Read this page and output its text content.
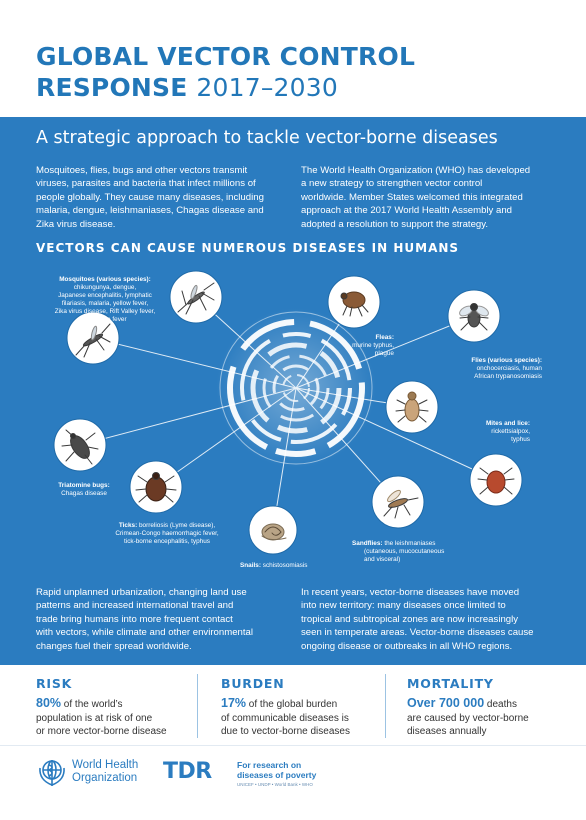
GLOBAL VECTOR CONTROL
RESPONSE 2017–2030
A strategic approach to tackle vector-borne diseases

Mosquitoes, flies, bugs and other vectors transmit
viruses, parasites and bacteria that infect millions of
people globally. They cause many diseases, including
malaria, dengue, leishmaniases, Chagas disease and
Zika virus disease.

The World Health Organization (WHO) has developed
a new strategy to strengthen vector control
worldwide. Member States welcomed this integrated
approach at the 2017 World Health Assembly and
adopted a resolution to support the strategy.

VECTORS CAN CAUSE NUMEROUS DISEASES IN HUMANS
Mosquitoes (various species):
chikungunya, dengue,
Japanese encephalitis, lymphatic
filariasis, malaria, yellow fever,
Zika virus disease, Rift Valley fever,
West Nile fever
Fleas:
murine typhus,
plague
Flies (various species):
onchocerciasis, human
African trypanosomiasis
Mites and lice:
rickettsialpox,
typhus
Triatomine bugs:
Chagas disease
Ticks: borreliosis (Lyme disease),
Crimean-Congo haemorrhagic fever,
tick-borne encephalitis, typhus
Snails: schistosomiasis
Sandflies: the leishmaniases
(cutaneous, mucocutaneous
and visceral)

Rapid unplanned urbanization, changing land use
patterns and increased international travel and
trade bring humans into more frequent contact
with vectors, while climate and other environmental
changes fuel their spread worldwide.

In recent years, vector-borne diseases have moved
into new territory: many diseases once limited to
tropical and subtropical zones are now increasingly
seen in temperate areas. Vector-borne diseases cause
ongoing disease or outbreaks in all WHO regions.

RISK

80% of the world’s
population is at risk of one
or more vector-borne disease

BURDEN

17% of the global burden
of communicable diseases is
due to vector-borne diseases

MORTALITY

Over 700 000 deaths
are caused by vector-borne
diseases annually

World Health
Organization TDR	For research on
diseases of poverty
UNICEF • UNDP • World Bank • WHO
